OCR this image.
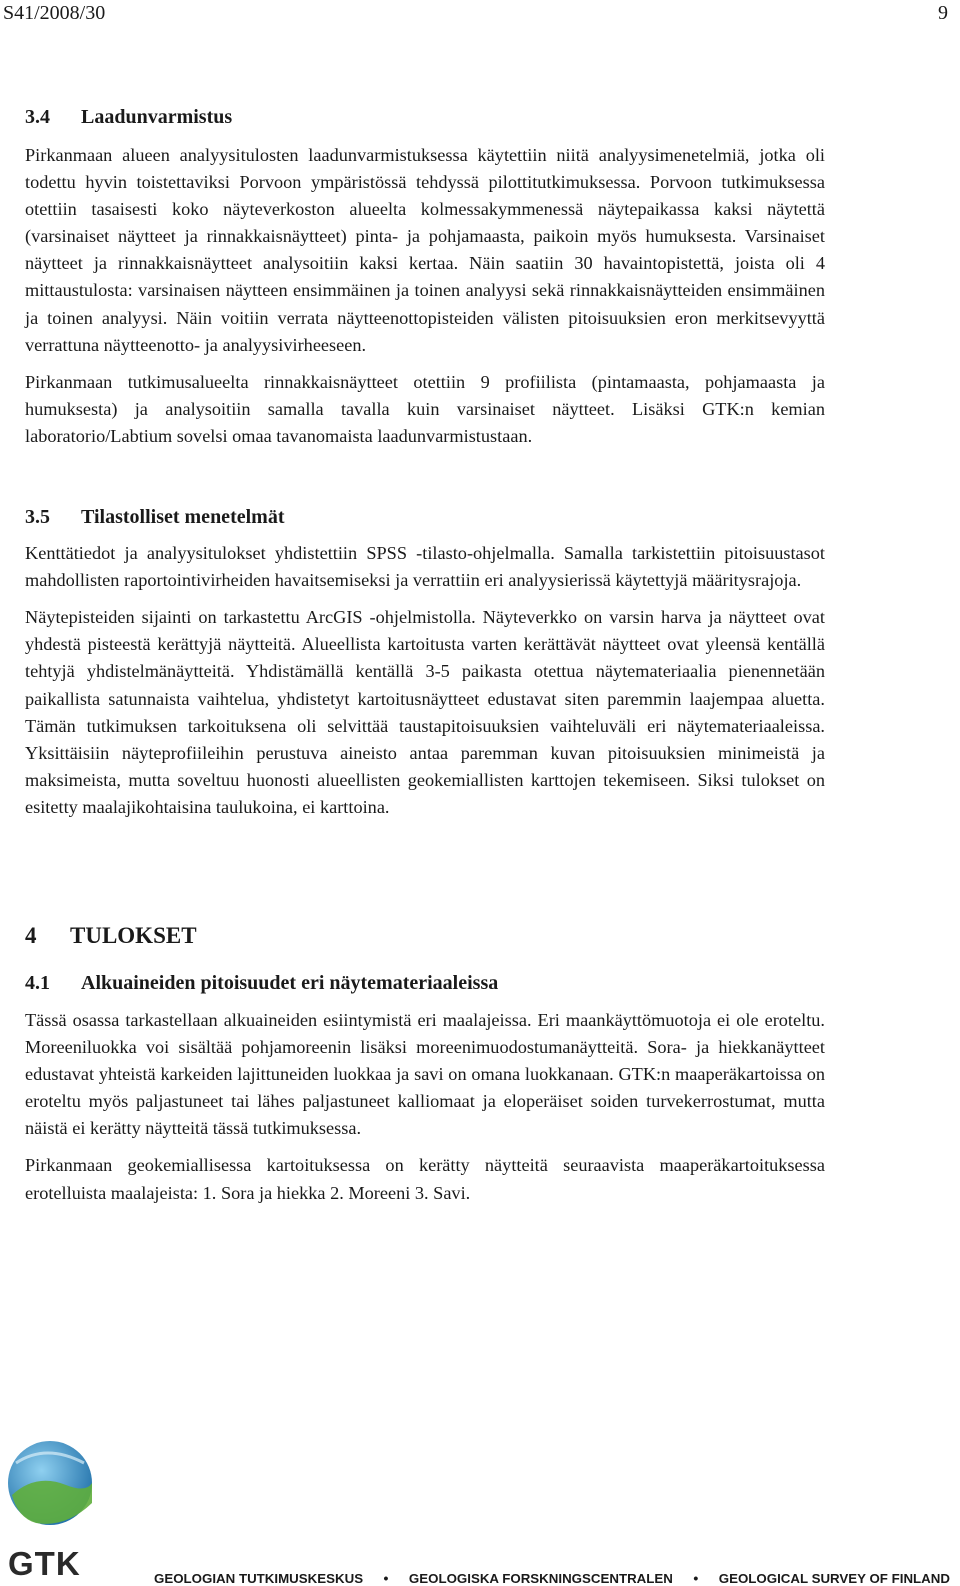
S41/2008/30	9
3.4	Laadunvarmistus

Pirkanmaan alueen analyysitulosten laadunvarmistuksessa käytettiin niitä analyysimenetelmiä, jotka oli todettu hyvin toistettaviksi Porvoon ympäristössä tehdyssä pilottitutkimuksessa. Porvoon tutkimuksessa otettiin tasaisesti koko näyteverkoston alueelta kolmessakymmenessä näytepaikassa kaksi näytettä (varsinaiset näytteet ja rinnakkaisnäytteet) pinta- ja pohjamaasta, paikoin myös humuksesta. Varsinaiset näytteet ja rinnakkaisnäytteet analysoitiin kaksi kertaa. Näin saatiin 30 havaintopistettä, joista oli 4 mittaustulosta: varsinaisen näytteen ensimmäinen ja toinen analyysi sekä rinnakkaisnäytteiden ensimmäinen ja toinen analyysi. Näin voitiin verrata näytteenottopisteiden välisten pitoisuuksien eron merkitsevyyttä verrattuna näytteenotto- ja analyysivirheeseen.

Pirkanmaan tutkimusalueelta rinnakkaisnäytteet otettiin 9 profiilista (pintamaasta, pohjamaasta ja humuksesta) ja analysoitiin samalla tavalla kuin varsinaiset näytteet. Lisäksi GTK:n kemian laboratorio/Labtium sovelsi omaa tavanomaista laadunvarmistustaan.

3.5	Tilastolliset menetelmät

Kenttätiedot ja analyysitulokset yhdistettiin SPSS -tilasto-ohjelmalla. Samalla tarkistettiin pitoisuustasot mahdollisten raportointivirheiden havaitsemiseksi ja verrattiin eri analyysierissä käytettyjä määritysrajoja.

Näytepisteiden sijainti on tarkastettu ArcGIS -ohjelmistolla. Näyteverkko on varsin harva ja näytteet ovat yhdestä pisteestä kerättyjä näytteitä. Alueellista kartoitusta varten kerättävät näytteet ovat yleensä kentällä tehtyjä yhdistelmänäytteitä. Yhdistämällä kentällä 3-5 paikasta otettua näytemateriaalia pienennetään paikallista satunnaista vaihtelua, yhdistetyt kartoitusnäytteet edustavat siten paremmin laajempaa aluetta. Tämän tutkimuksen tarkoituksena oli selvittää taustapitoisuuksien vaihteluväli eri näytemateriaaleissa. Yksittäisiin näyteprofiileihin perustuva aineisto antaa paremman kuvan pitoisuuksien minimeistä ja maksimeista, mutta soveltuu huonosti alueellisten geokemiallisten karttojen tekemiseen. Siksi tulokset on esitetty maalajikohtaisina taulukoina, ei karttoina.

4	TULOKSET
4.1	Alkuaineiden pitoisuudet eri näytemateriaaleissa

Tässä osassa tarkastellaan alkuaineiden esiintymistä eri maalajeissa. Eri maankäyttömuotoja ei ole eroteltu. Moreeniluokka voi sisältää pohjamoreenin lisäksi moreenimuodostumanäytteitä. Sora- ja hiekkanäytteet edustavat yhteistä karkeiden lajittuneiden luokkaa ja savi on omana luokkanaan. GTK:n maaperäkartoissa on eroteltu myös paljastuneet tai lähes paljastuneet kalliomaat ja eloperäiset soiden turvekerrostumat, mutta näistä ei kerätty näytteitä tässä tutkimuksessa.

Pirkanmaan geokemiallisessa kartoituksessa on kerätty näytteitä seuraavista maaperäkartoituksessa erotelluista maalajeista: 1. Sora ja hiekka 2. Moreeni 3. Savi.

GTK	GEOLOGIAN TUTKIMUSKESKUS • GEOLOGISKA FORSKNINGSCENTRALEN • GEOLOGICAL SURVEY OF FINLAND
